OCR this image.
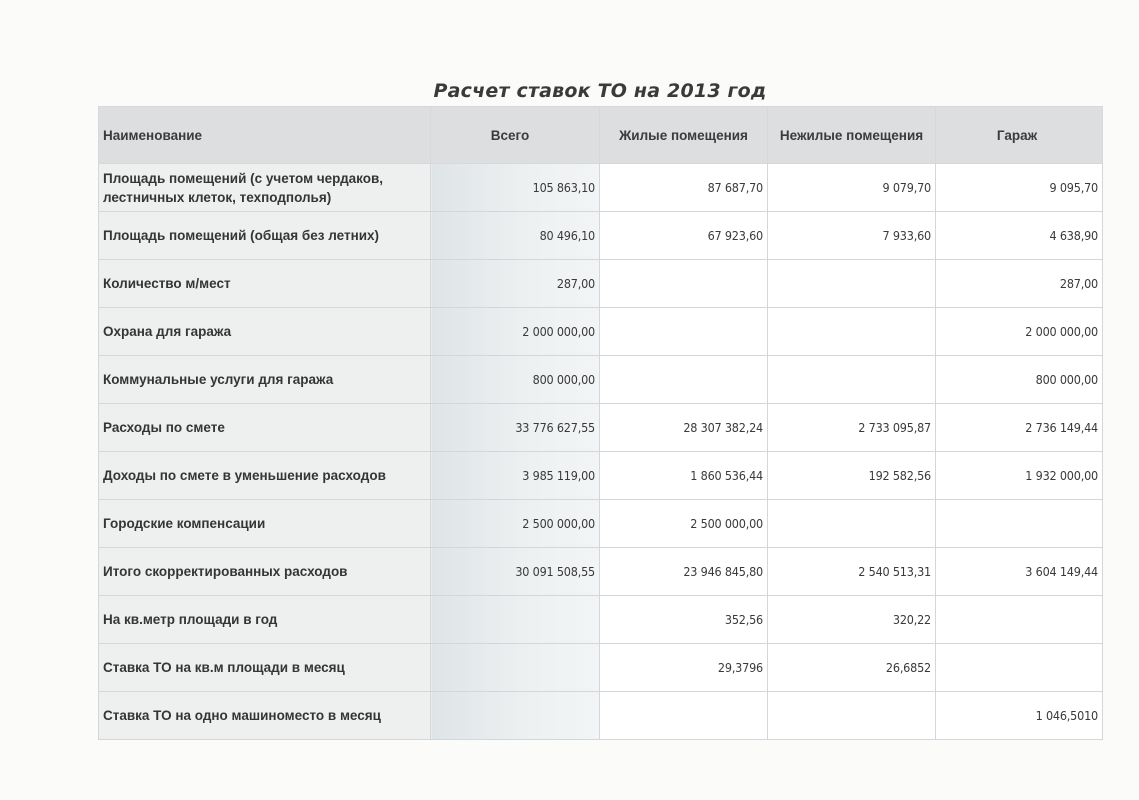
Расчет ставок ТО на 2013 год
Наименование	Всего	Жилые помещения	Нежилые помещения	Гараж
Площадь помещений (с учетом чердаков, лестничных клеток, техподполья)	105 863,10	87 687,70	9 079,70	9 095,70
Площадь помещений (общая без летних)	80 496,10	67 923,60	7 933,60	4 638,90
Количество м/мест	287,00			287,00
Охрана для гаража	2 000 000,00			2 000 000,00
Коммунальные услуги для гаража	800 000,00			800 000,00
Расходы по смете	33 776 627,55	28 307 382,24	2 733 095,87	2 736 149,44
Доходы по смете в уменьшение расходов	3 985 119,00	1 860 536,44	192 582,56	1 932 000,00
Городские компенсации	2 500 000,00	2 500 000,00		
Итого скорректированных расходов	30 091 508,55	23 946 845,80	2 540 513,31	3 604 149,44
На кв.метр площади в год		352,56	320,22	
Ставка ТО на кв.м площади в месяц		29,3796	26,6852	
Ставка ТО на одно машиноместо в месяц				1 046,5010
